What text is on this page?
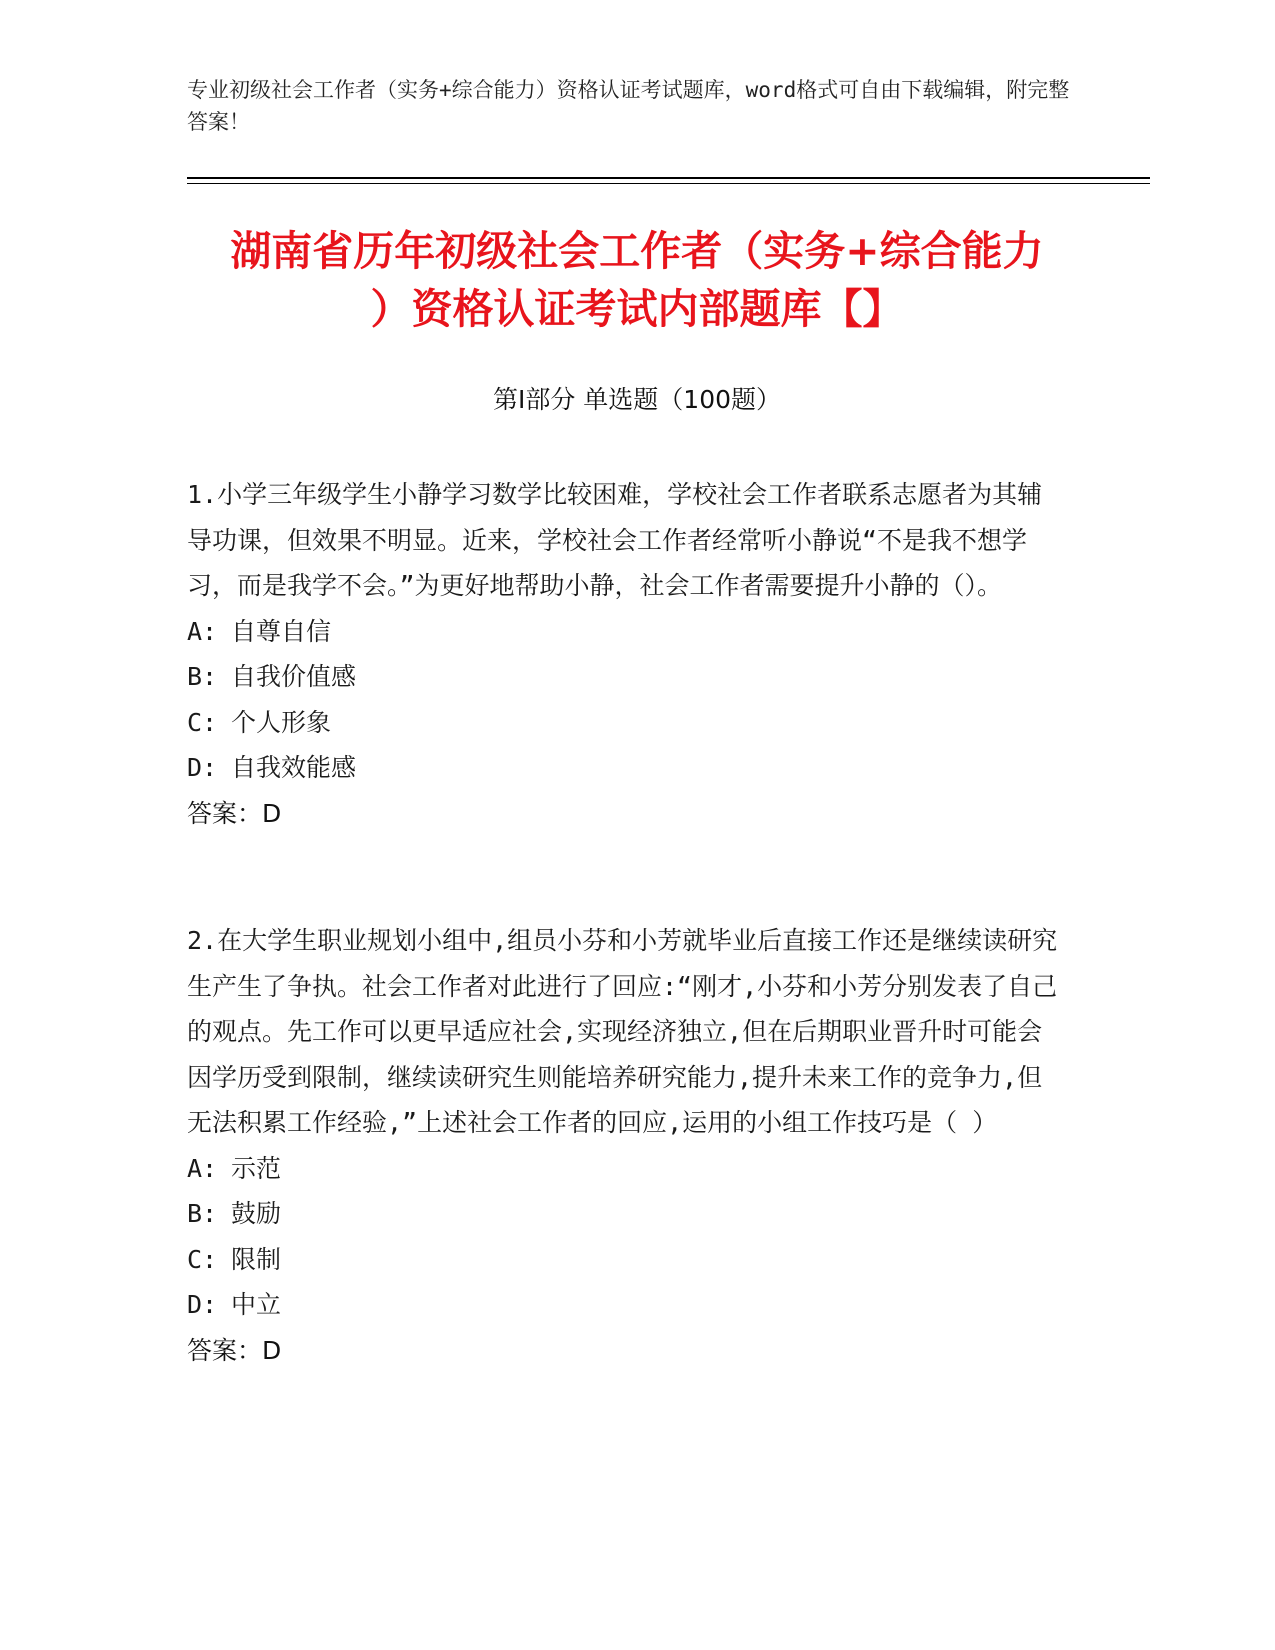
专业初级社会工作者（实务+综合能力）资格认证考试题库，word格式可自由下载编辑，附完整答案！
湖南省历年初级社会工作者（实务+综合能力
）资格认证考试内部题库【】
第Ⅰ部分 单选题（100题）

1.小学三年级学生小静学习数学比较困难，学校社会工作者联系志愿者为其辅导功课，但效果不明显。近来，学校社会工作者经常听小静说“不是我不想学习，而是我学不会。”为更好地帮助小静，社会工作者需要提升小静的（）。

A: 自尊自信

B: 自我价值感

C: 个人形象

D: 自我效能感

答案：D

2.在大学生职业规划小组中,组员小芬和小芳就毕业后直接工作还是继续读研究生产生了争执。社会工作者对此进行了回应:“刚才,小芬和小芳分别发表了自己的观点。先工作可以更早适应社会,实现经济独立,但在后期职业晋升时可能会因学历受到限制，继续读研究生则能培养研究能力,提升未来工作的竞争力,但无法积累工作经验,”上述社会工作者的回应,运用的小组工作技巧是（ ）

A: 示范

B: 鼓励

C: 限制

D: 中立

答案：D
